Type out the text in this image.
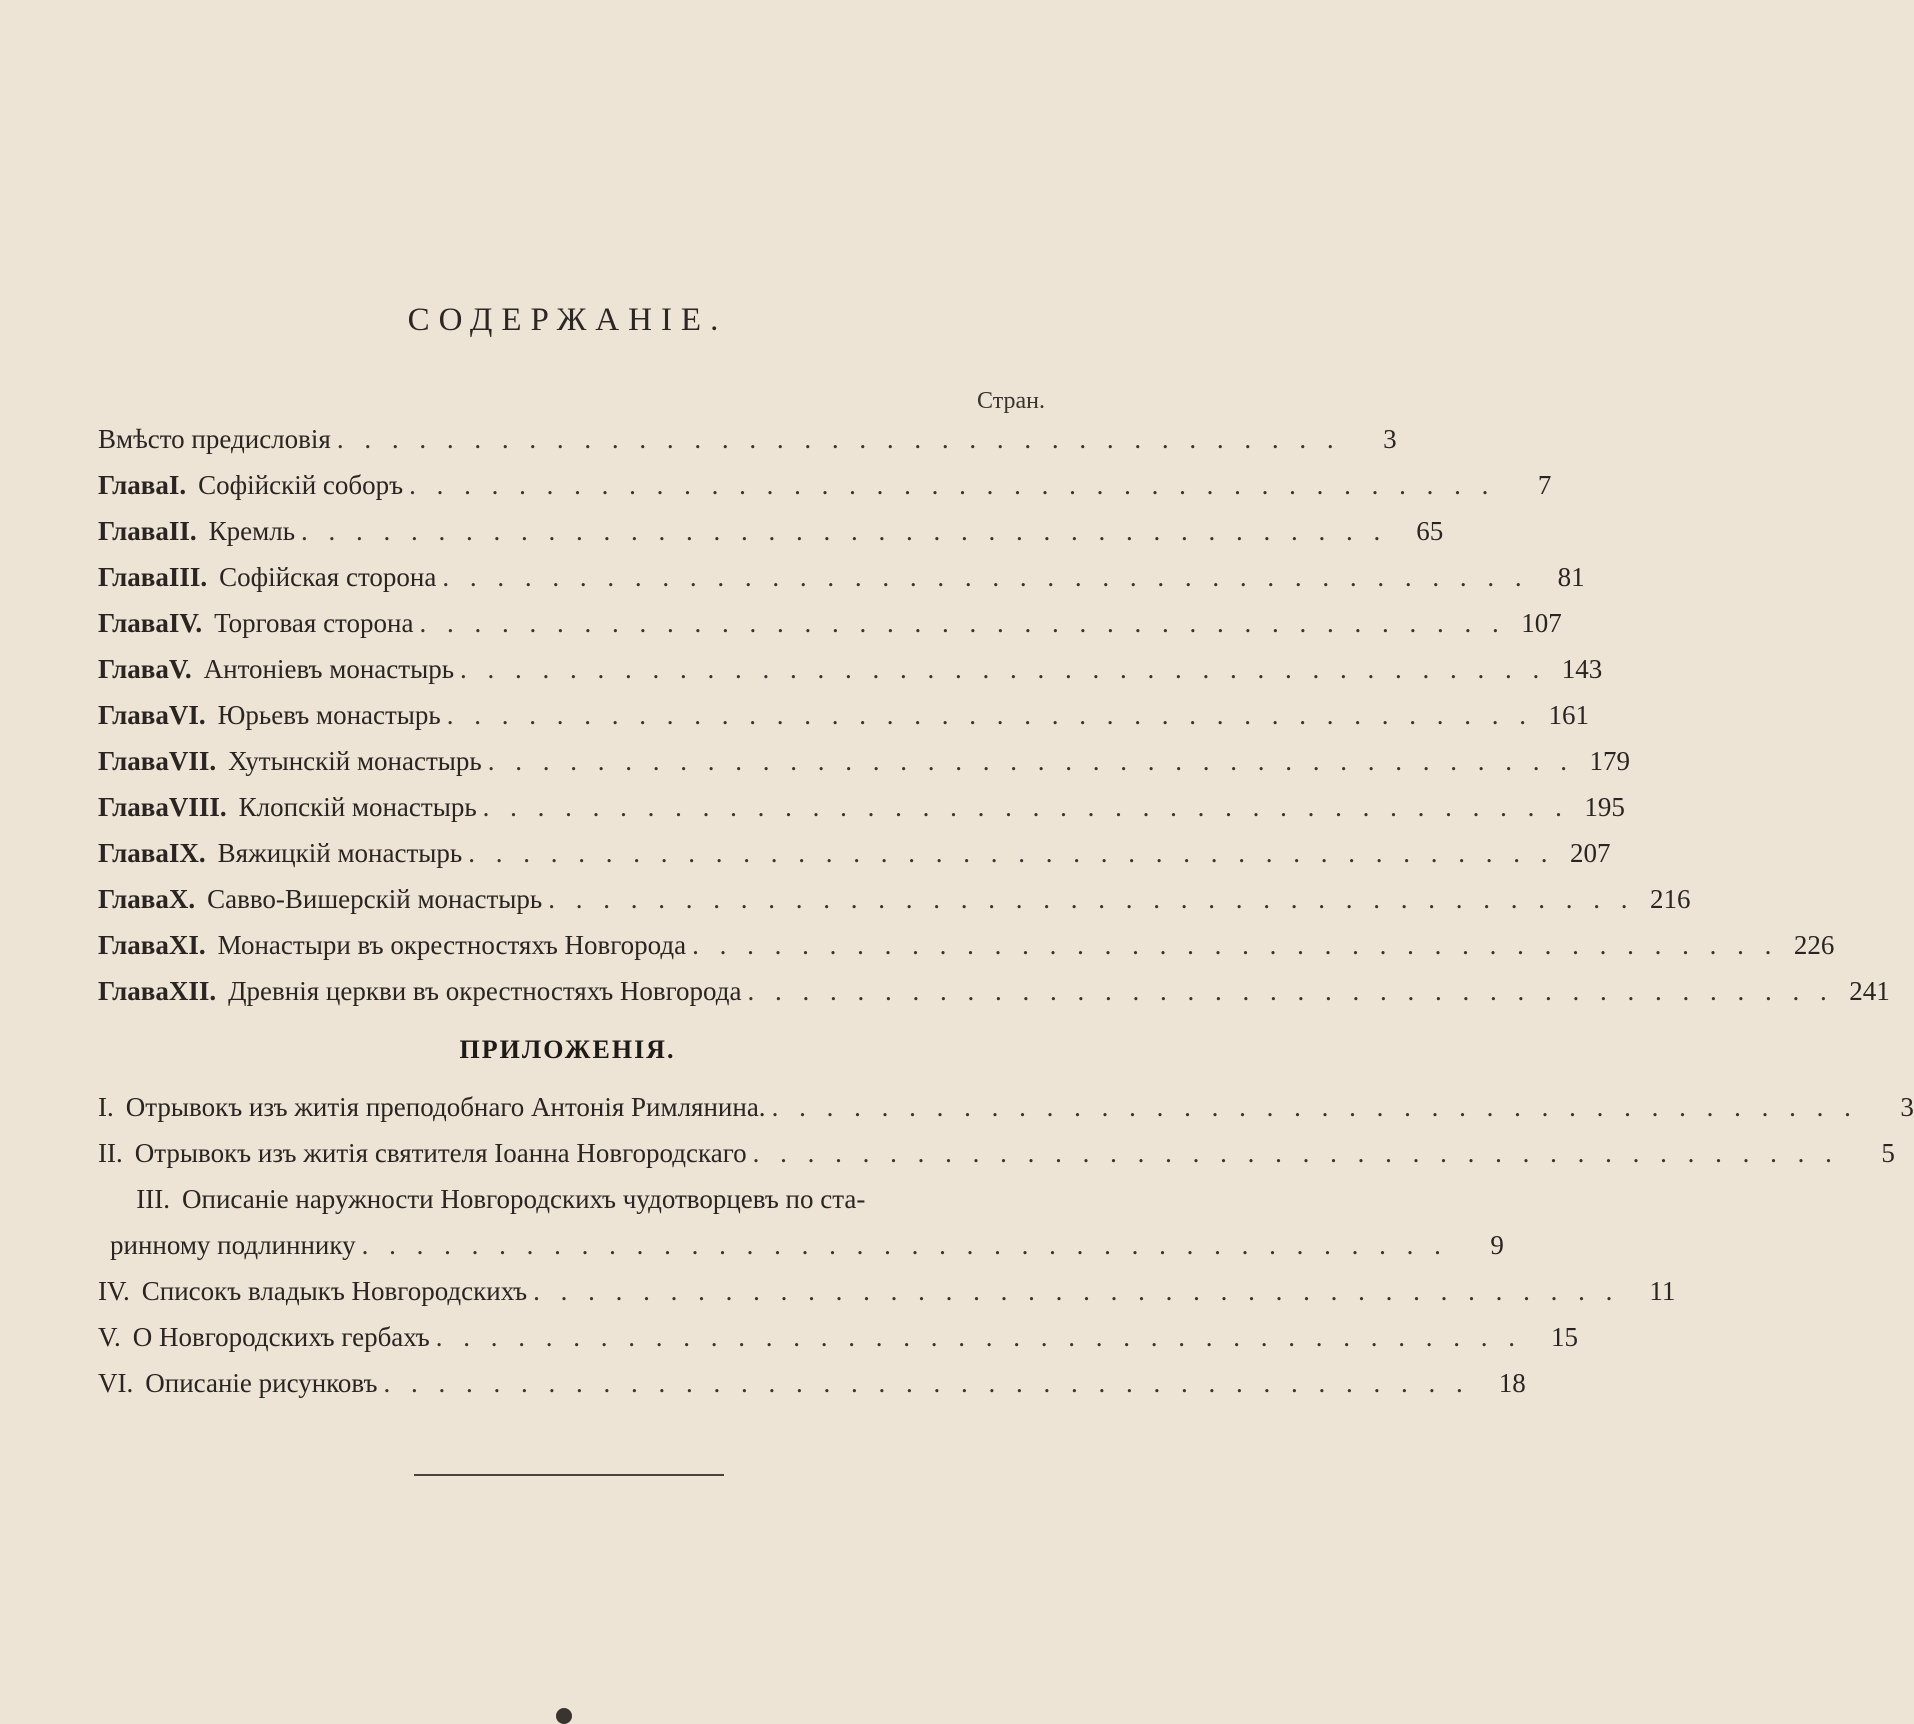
СОДЕРЖАНІЕ.
Стран.
Вмѣсто предисловія . . . . . . . . . . . . . . . . . . . . . . . . . . . . . . . . . . . . .	3
Глава I. Софійскій соборъ . . . . . . . . . . . . . . . . . . . . . . . . . . . . . . . . . . . . . . . .	7
Глава II. Кремль . . . . . . . . . . . . . . . . . . . . . . . . . . . . . . . . . . . . . . . .	65
Глава III. Софійская сторона . . . . . . . . . . . . . . . . . . . . . . . . . . . . . . . . . . . . . . . .	81
Глава IV. Торговая сторона . . . . . . . . . . . . . . . . . . . . . . . . . . . . . . . . . . . . . . . . 107
Глава V. Антоніевъ монастырь . . . . . . . . . . . . . . . . . . . . . . . . . . . . . . . . . . . . . . . . 143
Глава VI. Юрьевъ монастырь . . . . . . . . . . . . . . . . . . . . . . . . . . . . . . . . . . . . . . . . 161
Глава VII. Хутынскій монастырь . . . . . . . . . . . . . . . . . . . . . . . . . . . . . . . . . . . . . . . . 179
Глава VIII. Клопскій монастырь . . . . . . . . . . . . . . . . . . . . . . . . . . . . . . . . . . . . . . . . 195
Глава IX. Вяжицкій монастырь . . . . . . . . . . . . . . . . . . . . . . . . . . . . . . . . . . . . . . . . 207
Глава X. Савво-Вишерскій монастырь . . . . . . . . . . . . . . . . . . . . . . . . . . . . . . . . . . . . . . . . 216
Глава XI. Монастыри въ окрестностяхъ Новгорода . . . . . . . . . . . . . . . . . . . . . . . . . . . . . . . . . . . . . . . . 226
Глава XII. Древнія церкви въ окрестностяхъ Новгорода . . . . . . . . . . . . . . . . . . . . . . . . . . . . . . . . . . . . . . . . 241
ПРИЛОЖЕНІЯ.
I. Отрывокъ изъ житія преподобнаго Антонія Римлянина. . . . . . . . . . . . . . . . . . . . . . . . . . . . . . . . . . . . . . . . .	3
II. Отрывокъ изъ житія святителя Іоанна Новгородскаго . . . . . . . . . . . . . . . . . . . . . . . . . . . . . . . . . . . . . . . .	5
III. Описаніе наружности Новгородскихъ чудотворцевъ по ста-
ринному подлиннику . . . . . . . . . . . . . . . . . . . . . . . . . . . . . . . . . . . . . . . .	9
IV. Списокъ владыкъ Новгородскихъ . . . . . . . . . . . . . . . . . . . . . . . . . . . . . . . . . . . . . . . .	11
V. О Новгородскихъ гербахъ . . . . . . . . . . . . . . . . . . . . . . . . . . . . . . . . . . . . . . . .	15
VI. Описаніе рисунковъ . . . . . . . . . . . . . . . . . . . . . . . . . . . . . . . . . . . . . . . .	18
